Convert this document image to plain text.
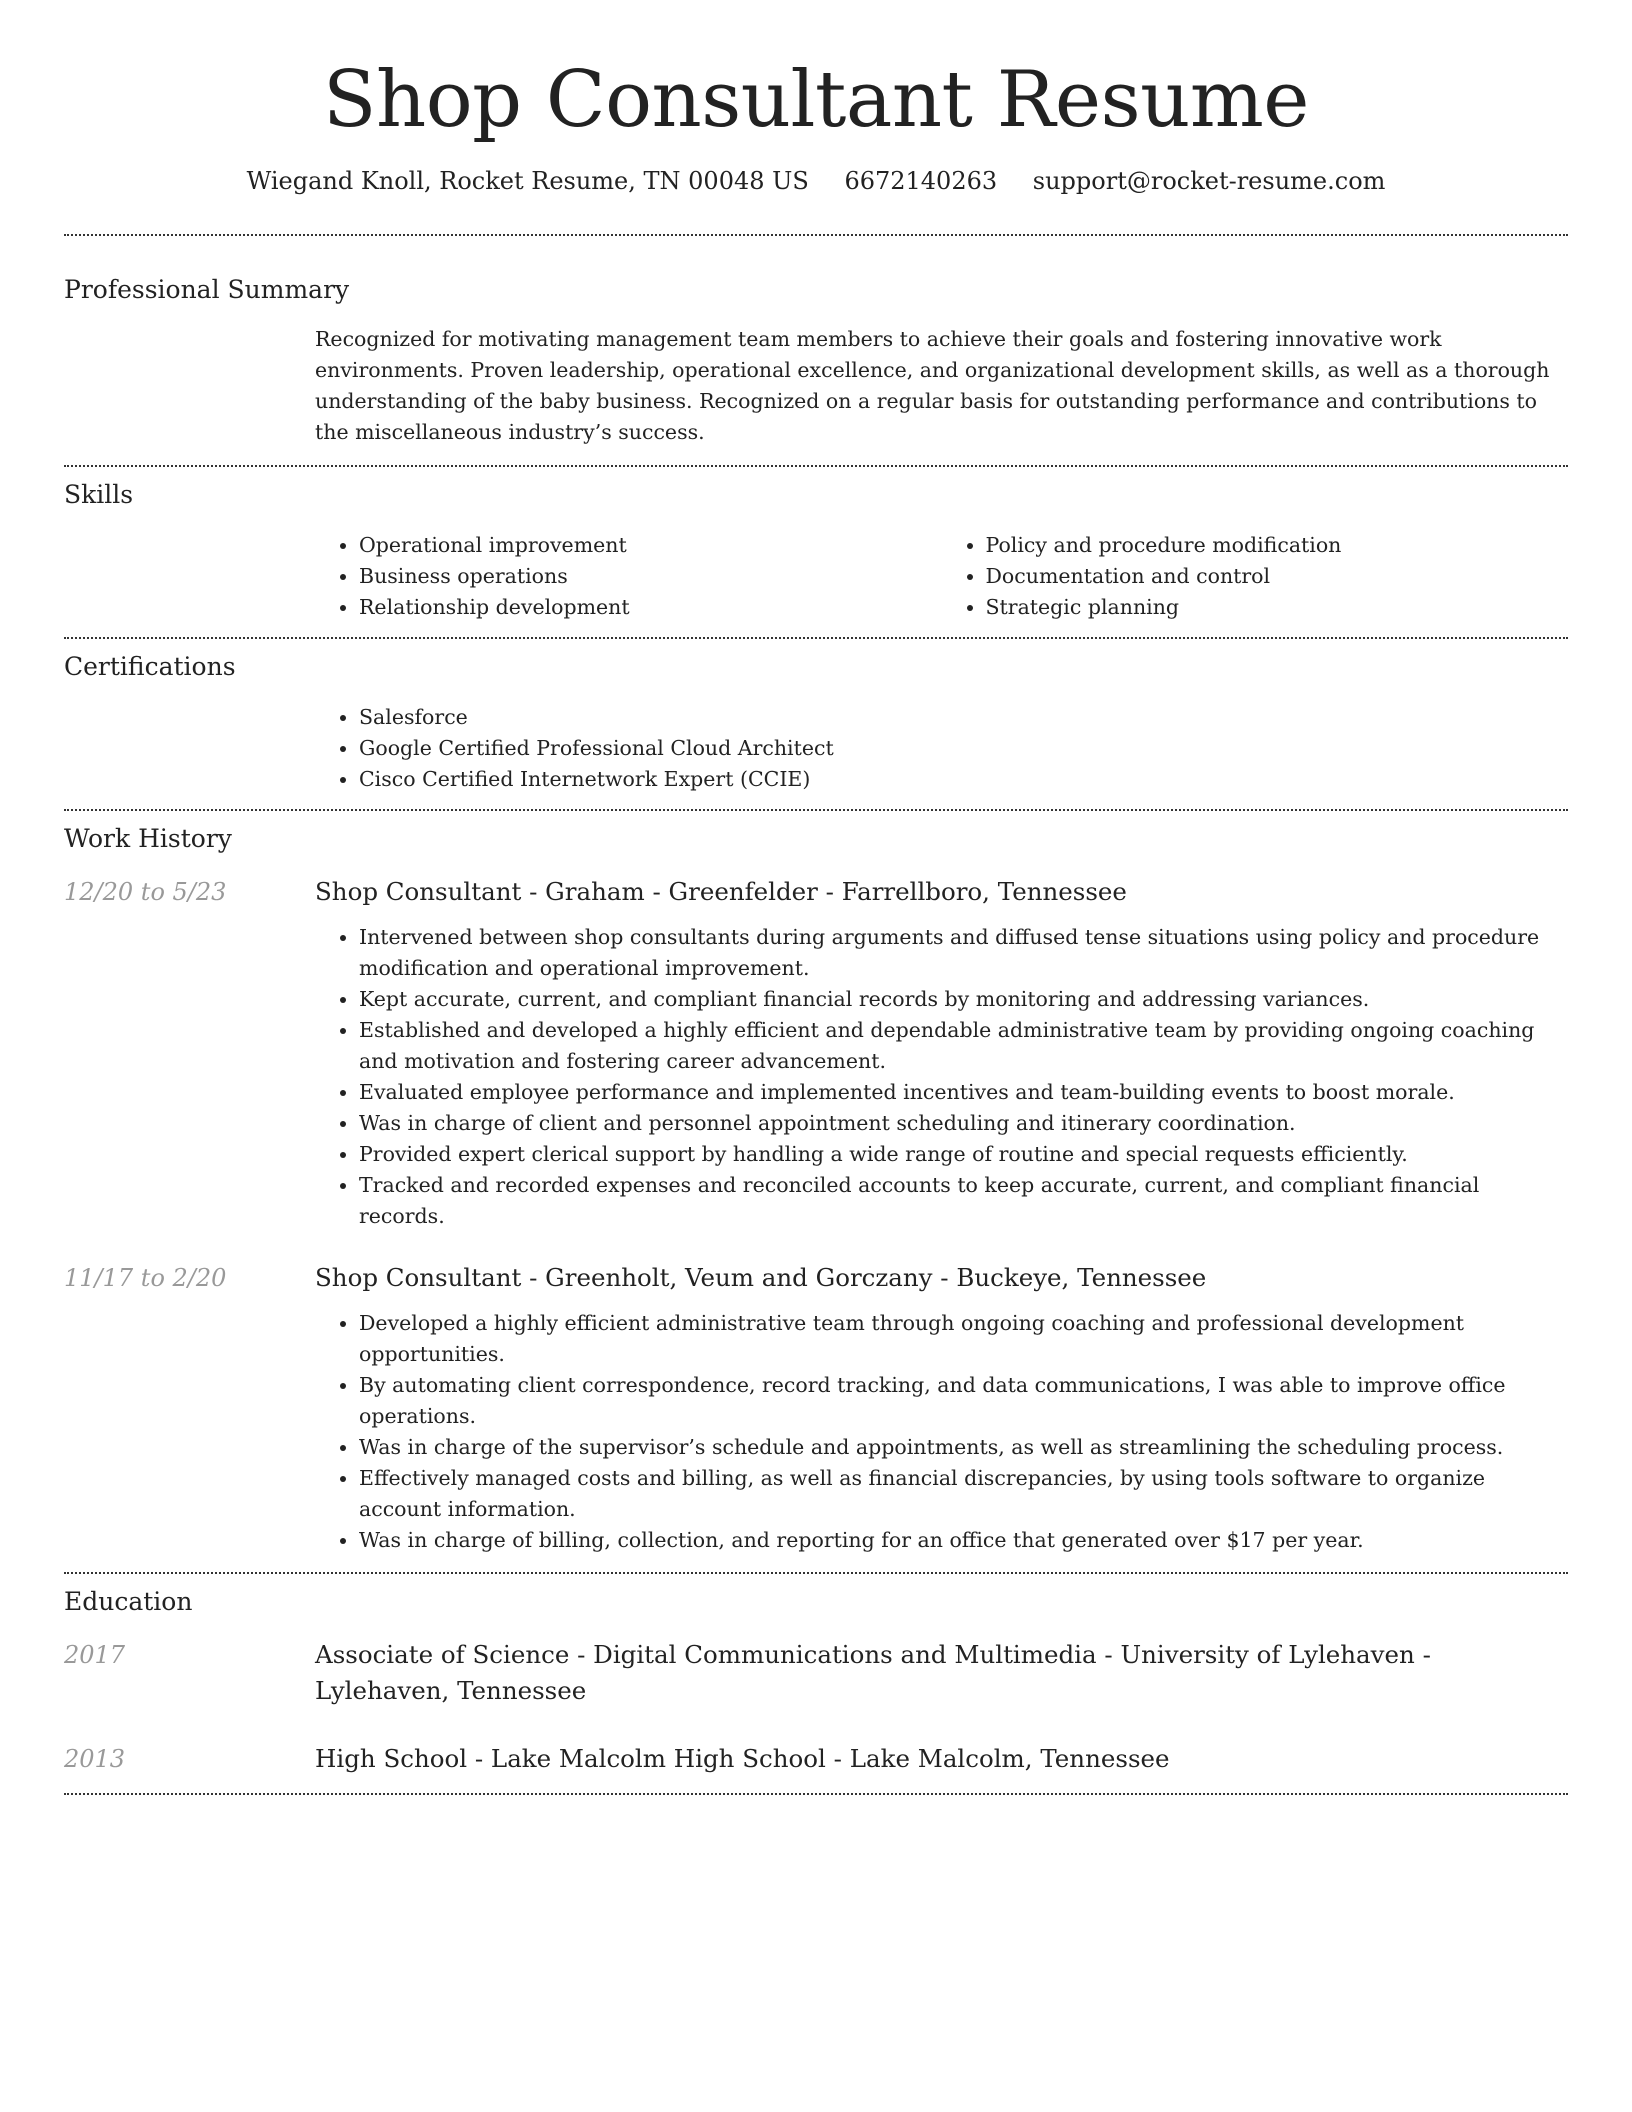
Shop Consultant Resume
Wiegand Knoll, Rocket Resume, TN 00048 US 6672140263 support@rocket-resume.com
Professional Summary

Recognized for motivating management team members to achieve their goals and fostering innovative work environments. Proven leadership, operational excellence, and organizational development skills, as well as a thorough understanding of the baby business. Recognized on a regular basis for outstanding performance and contributions to the miscellaneous industry’s success.

Skills
• Operational improvement
• Business operations
• Relationship development
• Policy and procedure modification
• Documentation and control
• Strategic planning
Certifications
• Salesforce
• Google Certified Professional Cloud Architect
• Cisco Certified Internetwork Expert (CCIE)
Work History
12/20 to 5/23	Shop Consultant - Graham - Greenfelder - Farrellboro, Tennessee
• Intervened between shop consultants during arguments and diffused tense situations using policy and procedure modification and operational improvement.
• Kept accurate, current, and compliant financial records by monitoring and addressing variances.
• Established and developed a highly efficient and dependable administrative team by providing ongoing coaching and motivation and fostering career advancement.
• Evaluated employee performance and implemented incentives and team-building events to boost morale.
• Was in charge of client and personnel appointment scheduling and itinerary coordination.
• Provided expert clerical support by handling a wide range of routine and special requests efficiently.
• Tracked and recorded expenses and reconciled accounts to keep accurate, current, and compliant financial records.
11/17 to 2/20	Shop Consultant - Greenholt, Veum and Gorczany - Buckeye, Tennessee
• Developed a highly efficient administrative team through ongoing coaching and professional development opportunities.
• By automating client correspondence, record tracking, and data communications, I was able to improve office operations.
• Was in charge of the supervisor’s schedule and appointments, as well as streamlining the scheduling process.
• Effectively managed costs and billing, as well as financial discrepancies, by using tools software to organize account information.
• Was in charge of billing, collection, and reporting for an office that generated over $17 per year.
Education
2017	Associate of Science - Digital Communications and Multimedia - University of Lylehaven - Lylehaven, Tennessee
2013	High School - Lake Malcolm High School - Lake Malcolm, Tennessee
